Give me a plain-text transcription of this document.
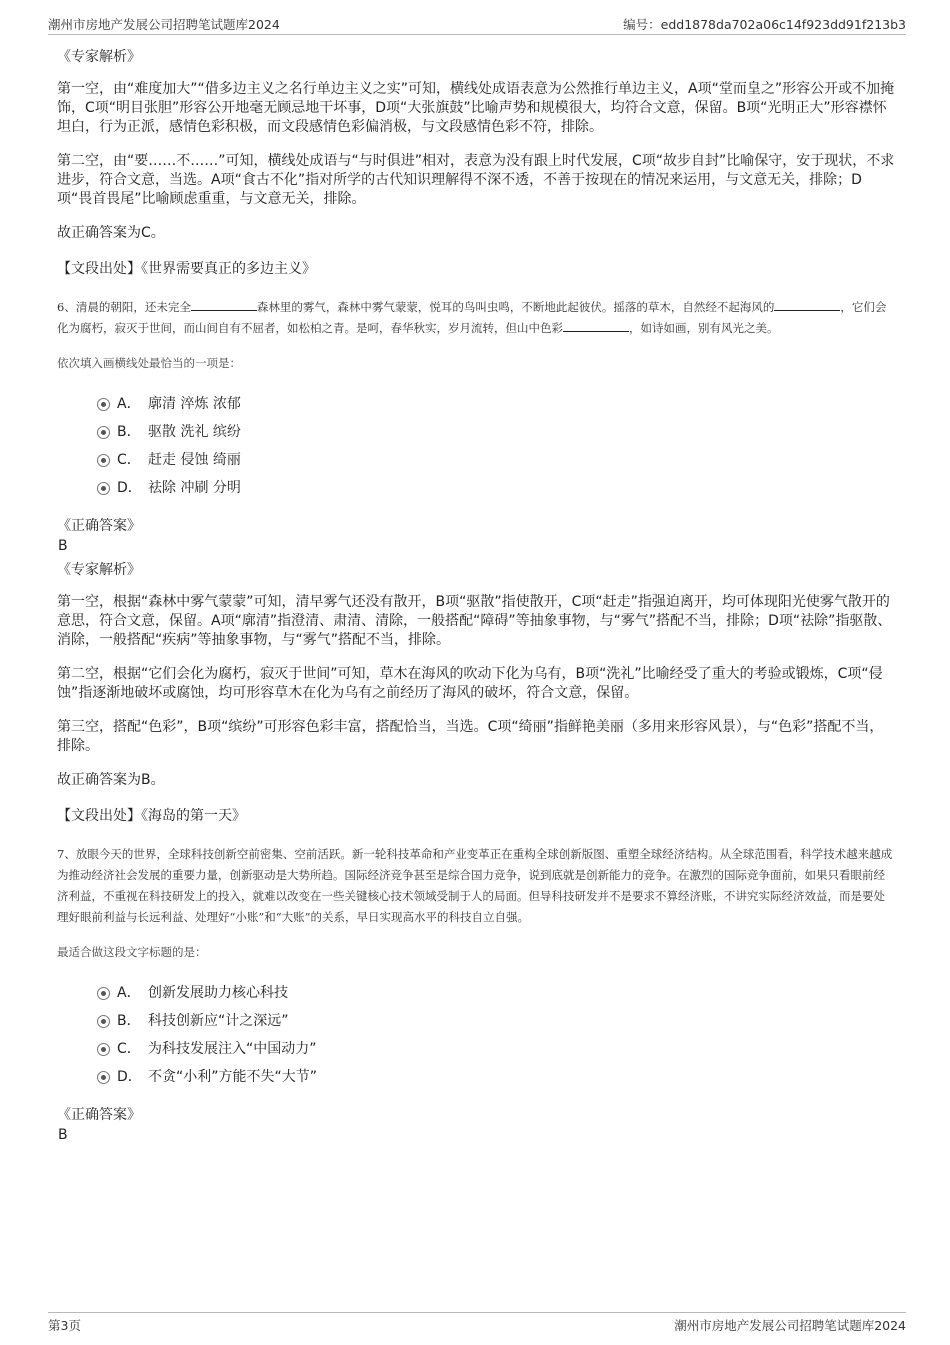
潮州市房地产发展公司招聘笔试题库2024	编号：edd1878da702a06c14f923dd91f213b3

《专家解析》

第一空，由“难度加大”“借多边主义之名行单边主义之实”可知，横线处成语表意为公然推行单边主义，A项“堂而皇之”形容公开或不加掩饰，C项“明目张胆”形容公开地毫无顾忌地干坏事，D项“大张旗鼓”比喻声势和规模很大，均符合文意，保留。B项“光明正大”形容襟怀坦白，行为正派，感情色彩积极，而文段感情色彩偏消极，与文段感情色彩不符，排除。

第二空，由“要……不……”可知，横线处成语与“与时俱进”相对，表意为没有跟上时代发展，C项“故步自封”比喻保守，安于现状，不求进步，符合文意，当选。A项“食古不化”指对所学的古代知识理解得不深不透，不善于按现在的情况来运用，与文意无关，排除；D项“畏首畏尾”比喻顾虑重重，与文意无关，排除。

故正确答案为C。

【文段出处】《世界需要真正的多边主义》

6、清晨的朝阳，还未完全	森林里的雾气，森林中雾气蒙蒙，悦耳的鸟叫虫鸣，不断地此起彼伏。摇落的草木，自然经不起海风的	，它们会化为腐朽，寂灭于世间，而山间自有不屈者，如松柏之青。是呵，春华秋实，岁月流转，但山中色彩	，如诗如画，别有风光之美。

依次填入画横线处最恰当的一项是：

A． 廓清 淬炼 浓郁
B． 驱散 洗礼 缤纷
C． 赶走 侵蚀 绮丽
D． 祛除 冲刷 分明

《正确答案》

B

《专家解析》

第一空，根据“森林中雾气蒙蒙”可知，清早雾气还没有散开，B项“驱散”指使散开，C项“赶走”指强迫离开，均可体现阳光使雾气散开的意思，符合文意，保留。A项“廓清”指澄清、肃清、清除，一般搭配“障碍”等抽象事物，与“雾气”搭配不当，排除；D项“祛除”指驱散、消除，一般搭配“疾病”等抽象事物，与“雾气”搭配不当，排除。

第二空，根据“它们会化为腐朽，寂灭于世间”可知，草木在海风的吹动下化为乌有，B项“洗礼”比喻经受了重大的考验或锻炼，C项“侵蚀”指逐渐地破坏或腐蚀，均可形容草木在化为乌有之前经历了海风的破坏，符合文意，保留。

第三空，搭配“色彩”，B项“缤纷”可形容色彩丰富，搭配恰当，当选。C项“绮丽”指鲜艳美丽（多用来形容风景），与“色彩”搭配不当，排除。

故正确答案为B。

【文段出处】《海岛的第一天》

7、放眼今天的世界，全球科技创新空前密集、空前活跃。新一轮科技革命和产业变革正在重构全球创新版图、重塑全球经济结构。从全球范围看，科学技术越来越成为推动经济社会发展的重要力量，创新驱动是大势所趋。国际经济竞争甚至是综合国力竞争，说到底就是创新能力的竞争。在激烈的国际竞争面前，如果只看眼前经济利益，不重视在科技研发上的投入，就难以改变在一些关键核心技术领域受制于人的局面。但导科技研发并不是要求不算经济账，不讲究实际经济效益，而是要处理好眼前利益与长远利益、处理好“小账”和“大账”的关系，早日实现高水平的科技自立自强。

最适合做这段文字标题的是：

A． 创新发展助力核心科技
B． 科技创新应“计之深远”
C． 为科技发展注入“中国动力”
D． 不贪“小利”方能不失“大节”

《正确答案》

B

第3页	潮州市房地产发展公司招聘笔试题库2024
